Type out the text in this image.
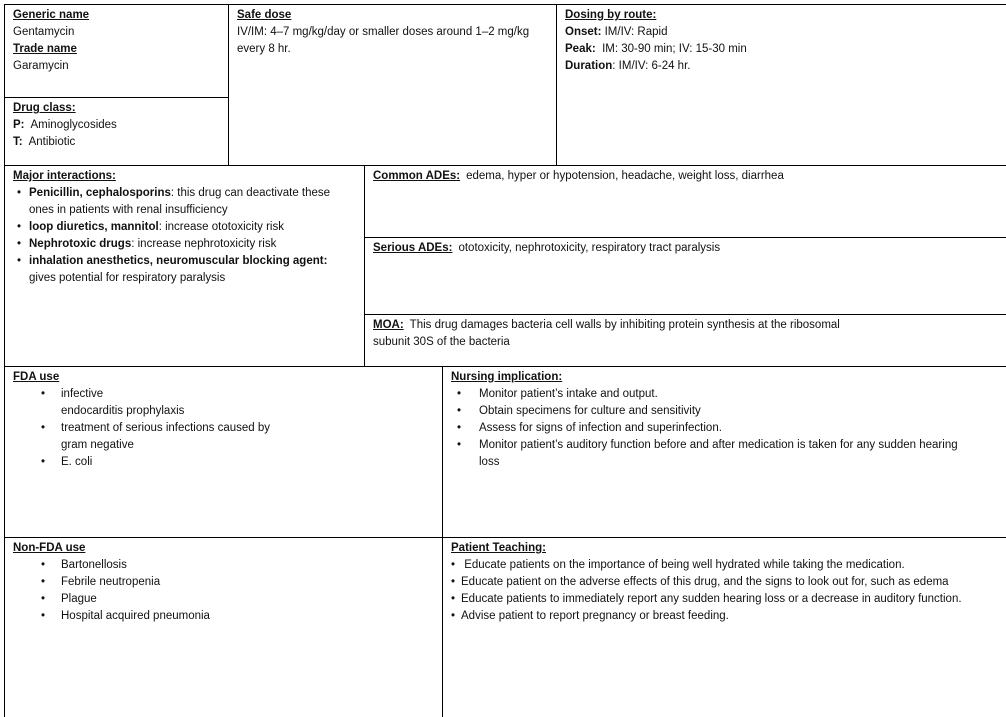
Generic name
Gentamycin
Trade name
Garamycin
Drug class:
P: Aminoglycosides
T: Antibiotic
Safe dose
IV/IM: 4–7 mg/kg/day or smaller doses around 1–2 mg/kg
every 8 hr.
Dosing by route:
Onset: IM/IV: Rapid
Peak:  IM: 30-90 min; IV: 15-30 min
Duration: IM/IV: 6-24 hr.
Major interactions:
• Penicillin, cephalosporins: this drug can deactivate these
ones in patients with renal insufficiency
• loop diuretics, mannitol: increase ototoxicity risk
• Nephrotoxic drugs: increase nephrotoxicity risk
• inhalation anesthetics, neuromuscular blocking agent:
gives potential for respiratory paralysis
Common ADEs: edema, hyper or hypotension, headache, weight loss, diarrhea
Serious ADEs: ototoxicity, nephrotoxicity, respiratory tract paralysis
MOA: This drug damages bacteria cell walls by inhibiting protein synthesis at the ribosomal
subunit 30S of the bacteria
FDA use
• infective
endocarditis prophylaxis
• treatment of serious infections caused by
gram negative
• E. coli
Nursing implication:
• Monitor patient’s intake and output.
• Obtain specimens for culture and sensitivity
• Assess for signs of infection and superinfection.
• Monitor patient’s auditory function before and after medication is taken for any sudden hearing
loss
Non-FDA use
• Bartonellosis
• Febrile neutropenia
• Plague
• Hospital acquired pneumonia
Patient Teaching:
•  Educate patients on the importance of being well hydrated while taking the medication.
• Educate patient on the adverse effects of this drug, and the signs to look out for, such as edema
• Educate patients to immediately report any sudden hearing loss or a decrease in auditory function.
• Advise patient to report pregnancy or breast feeding.
